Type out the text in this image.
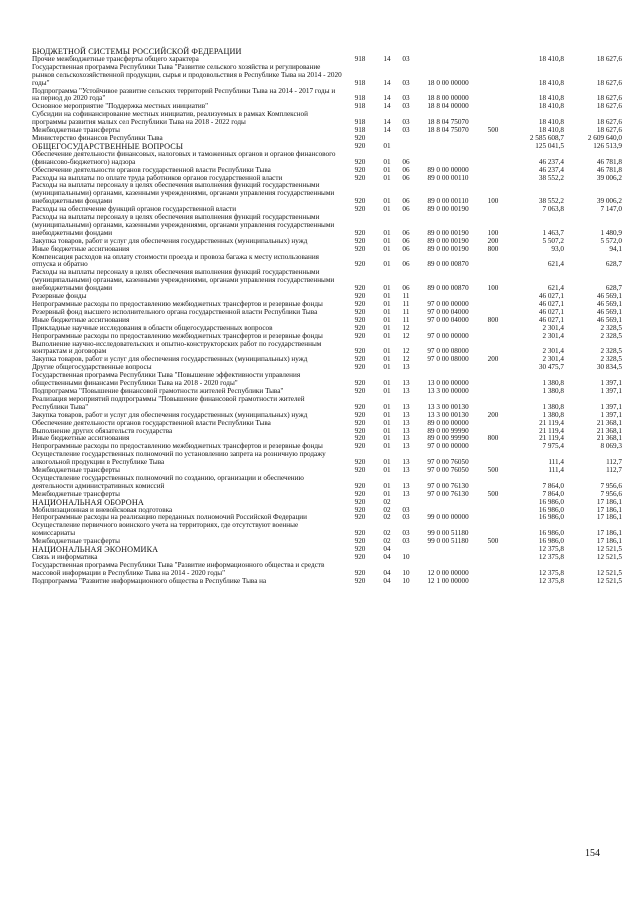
БЮДЖЕТНОЙ СИСТЕМЫ РОССИЙСКОЙ ФЕДЕРАЦИИ							
Прочие межбюджетные трансферты общего характера	918	14	03			18 410,8	18 627,6
Государственная программа Республики Тыва "Развитие сельского хозяйства и регулирование рынков сельскохозяйственной продукции, сырья и продовольствия в Республике Тыва на 2014 - 2020 годы"	918	14	03	18 0 00 00000		18 410,8	18 627,6
Подпрограмма "Устойчивое развитие сельских территорий Республики Тыва на 2014 - 2017 годы и на период до 2020 года"	918	14	03	18 8 00 00000		18 410,8	18 627,6
Основное мероприятие "Поддержка местных инициатив"	918	14	03	18 8 04 00000		18 410,8	18 627,6
Субсидии на софинансирование местных инициатив, реализуемых в рамках Комплексной программы развития малых сел Республики Тыва на 2018 - 2022 годы	918	14	03	18 8 04 75070		18 410,8	18 627,6
Межбюджетные трансферты	918	14	03	18 8 04 75070	500	18 410,8	18 627,6
Министерство финансов Республики Тыва	920					2 585 608,7	2 609 640,0
ОБЩЕГОСУДАРСТВЕННЫЕ ВОПРОСЫ	920	01				125 041,5	126 513,9
Обеспечение деятельности финансовых, налоговых и таможенных органов и органов финансового (финансово-бюджетного) надзора	920	01	06			46 237,4	46 781,8
Обеспечение деятельности органов государственной власти Республики Тыва	920	01	06	89 0 00 00000		46 237,4	46 781,8
Расходы на выплаты по оплате труда работников органов государственной власти	920	01	06	89 0 00 00110		38 552,2	39 006,2
Расходы на выплаты персоналу в целях обеспечения выполнения функций государственными (муниципальными) органами, казенными учреждениями, органами управления государственными внебюджетными фондами	920	01	06	89 0 00 00110	100	38 552,2	39 006,2
Расходы на обеспечение функций органов государственной власти	920	01	06	89 0 00 00190		7 063,8	7 147,0
Расходы на выплаты персоналу в целях обеспечения выполнения функций государственными (муниципальными) органами, казенными учреждениями, органами управления государственными внебюджетными фондами	920	01	06	89 0 00 00190	100	1 463,7	1 480,9
Закупка товаров, работ и услуг для обеспечения государственных (муниципальных) нужд	920	01	06	89 0 00 00190	200	5 507,2	5 572,0
Иные бюджетные ассигнования	920	01	06	89 0 00 00190	800	93,0	94,1
Компенсация расходов на оплату стоимости проезда и провоза багажа к месту использования отпуска и обратно	920	01	06	89 0 00 00870		621,4	628,7
Расходы на выплаты персоналу в целях обеспечения выполнения функций государственными (муниципальными) органами, казенными учреждениями, органами управления государственными внебюджетными фондами	920	01	06	89 0 00 00870	100	621,4	628,7
Резервные фонды	920	01	11			46 027,1	46 569,1
Непрограммные расходы по предоставлению межбюджетных трансфертов и резервные фонды	920	01	11	97 0 00 00000		46 027,1	46 569,1
Резервный фонд высшего исполнительного органа государственной власти Республики Тыва	920	01	11	97 0 00 04000		46 027,1	46 569,1
Иные бюджетные ассигнования	920	01	11	97 0 00 04000	800	46 027,1	46 569,1
Прикладные научные исследования в области общегосударственных вопросов	920	01	12			2 301,4	2 328,5
Непрограммные расходы по предоставлению межбюджетных трансфертов и резервные фонды	920	01	12	97 0 00 00000		2 301,4	2 328,5
Выполнение научно-исследовательских и опытно-конструкторских работ по государственным контрактам и договорам	920	01	12	97 0 00 08000		2 301,4	2 328,5
Закупка товаров, работ и услуг для обеспечения государственных (муниципальных) нужд	920	01	12	97 0 00 08000	200	2 301,4	2 328,5
Другие общегосударственные вопросы	920	01	13			30 475,7	30 834,5
Государственная программа Республики Тыва "Повышение эффективности управления общественными финансами Республики Тыва на 2018 - 2020 годы"	920	01	13	13 0 00 00000		1 380,8	1 397,1
Подпрограмма "Повышение финансовой грамотности жителей Республики Тыва"	920	01	13	13 3 00 00000		1 380,8	1 397,1
Реализация мероприятий подпрограммы "Повышение финансовой грамотности жителей Республики Тыва"	920	01	13	13 3 00 00130		1 380,8	1 397,1
Закупка товаров, работ и услуг для обеспечения государственных (муниципальных) нужд	920	01	13	13 3 00 00130	200	1 380,8	1 397,1
Обеспечение деятельности органов государственной власти Республики Тыва	920	01	13	89 0 00 00000		21 119,4	21 368,1
Выполнение других обязательств государства	920	01	13	89 0 00 99990		21 119,4	21 368,1
Иные бюджетные ассигнования	920	01	13	89 0 00 99990	800	21 119,4	21 368,1
Непрограммные расходы по предоставлению межбюджетных трансфертов и резервные фонды	920	01	13	97 0 00 00000		7 975,4	8 069,3
Осуществление государственных полномочий по установлению запрета на розничную продажу алкогольной продукции в Республике Тыва	920	01	13	97 0 00 76050		111,4	112,7
Межбюджетные трансферты	920	01	13	97 0 00 76050	500	111,4	112,7
Осуществление государственных полномочий по созданию, организации и обеспечению деятельности административных комиссий	920	01	13	97 0 00 76130		7 864,0	7 956,6
Межбюджетные трансферты	920	01	13	97 0 00 76130	500	7 864,0	7 956,6
НАЦИОНАЛЬНАЯ ОБОРОНА	920	02				16 986,0	17 186,1
Мобилизационная и вневойсковая подготовка	920	02	03			16 986,0	17 186,1
Непрограммные расходы на реализацию переданных полномочий Российской Федерации	920	02	03	99 0 00 00000		16 986,0	17 186,1
Осуществление первичного воинского учета на территориях, где отсутствуют военные комиссариаты	920	02	03	99 0 00 51180		16 986,0	17 186,1
Межбюджетные трансферты	920	02	03	99 0 00 51180	500	16 986,0	17 186,1
НАЦИОНАЛЬНАЯ ЭКОНОМИКА	920	04				12 375,8	12 521,5
Связь и информатика	920	04	10			12 375,8	12 521,5
Государственная программа Республики Тыва "Развитие информационного общества и средств массовой информации в Республике Тыва на 2014 - 2020 годы"	920	04	10	12 0 00 00000		12 375,8	12 521,5
Подпрограмма "Развитие информационного общества в Республике Тыва на	920	04	10	12 1 00 00000		12 375,8	12 521,5
154
